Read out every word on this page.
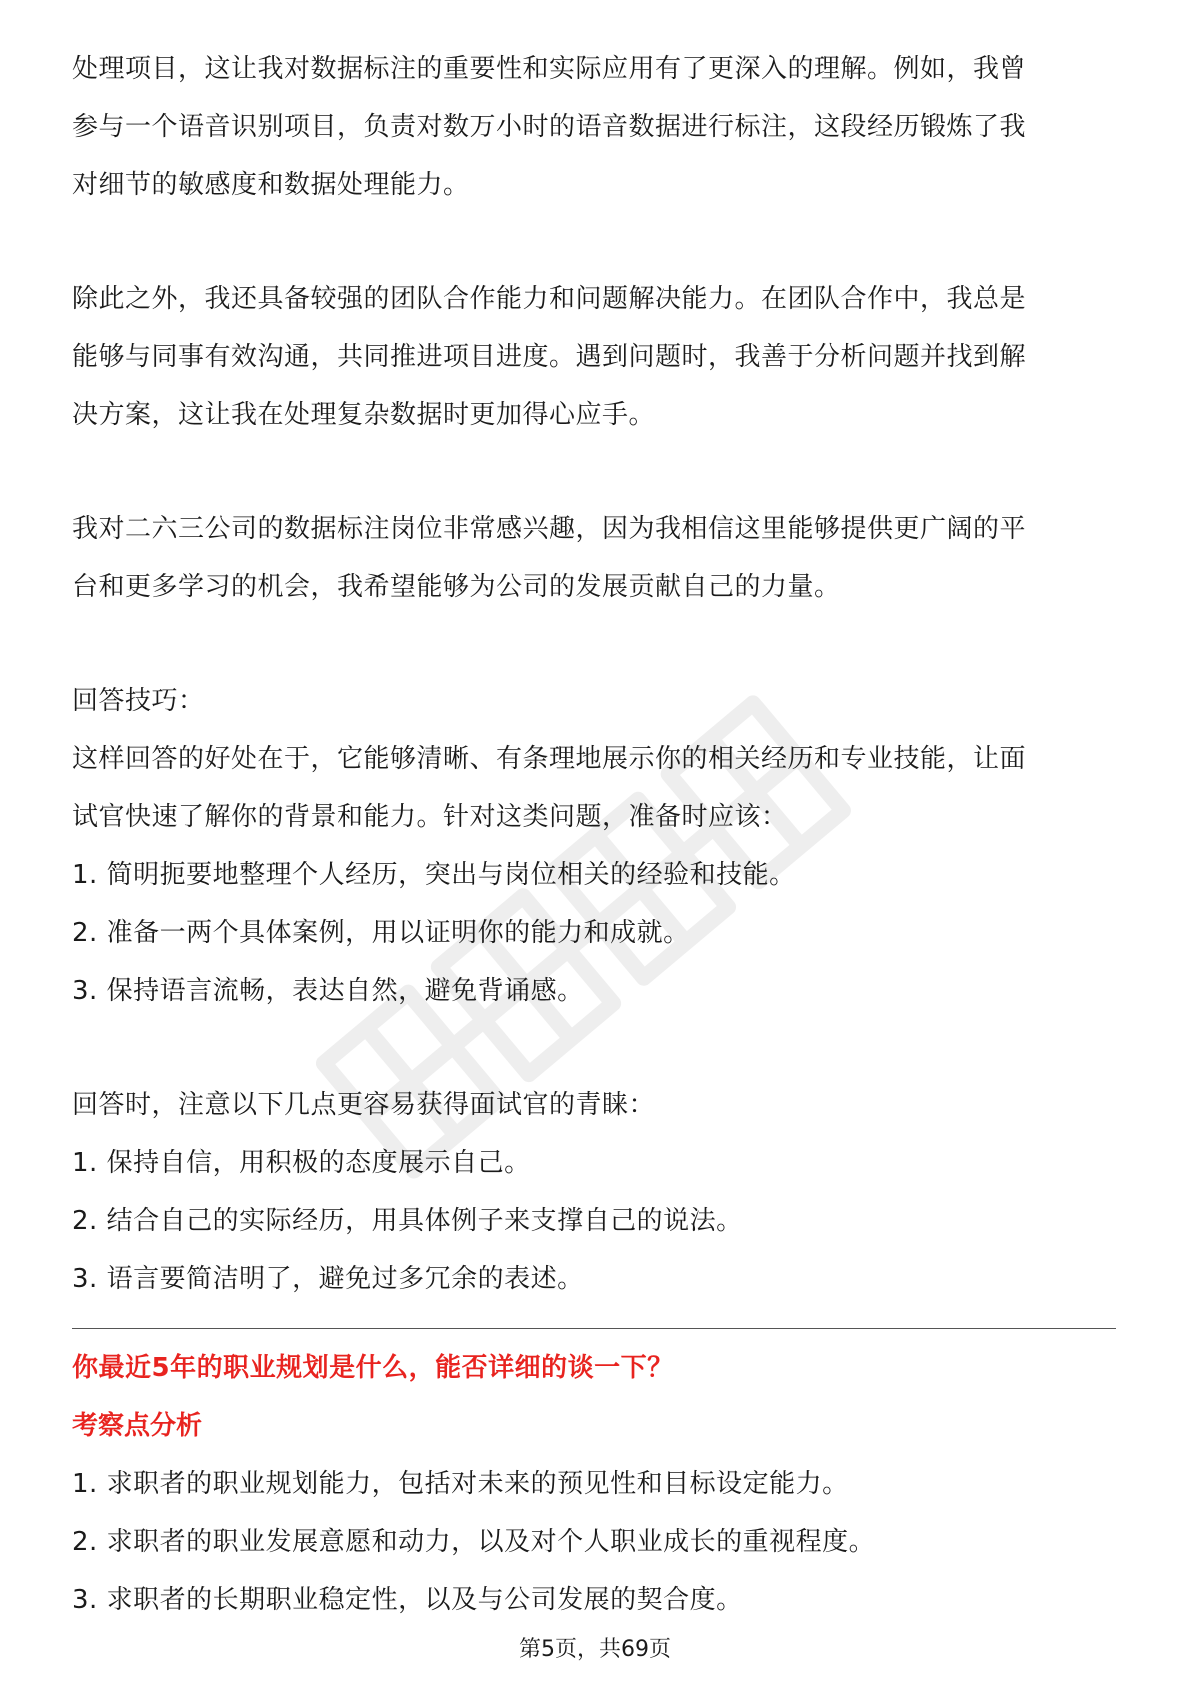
处理项目，这让我对数据标注的重要性和实际应用有了更深入的理解。例如，我曾

参与一个语音识别项目，负责对数万小时的语音数据进行标注，这段经历锻炼了我

对细节的敏感度和数据处理能力。

除此之外，我还具备较强的团队合作能力和问题解决能力。在团队合作中，我总是

能够与同事有效沟通，共同推进项目进度。遇到问题时，我善于分析问题并找到解

决方案，这让我在处理复杂数据时更加得心应手。

我对二六三公司的数据标注岗位非常感兴趣，因为我相信这里能够提供更广阔的平

台和更多学习的机会，我希望能够为公司的发展贡献自己的力量。

回答技巧：

这样回答的好处在于，它能够清晰、有条理地展示你的相关经历和专业技能，让面

试官快速了解你的背景和能力。针对这类问题，准备时应该：

1. 简明扼要地整理个人经历，突出与岗位相关的经验和技能。

2. 准备一两个具体案例，用以证明你的能力和成就。

3. 保持语言流畅，表达自然，避免背诵感。

回答时，注意以下几点更容易获得面试官的青睐：

1. 保持自信，用积极的态度展示自己。

2. 结合自己的实际经历，用具体例子来支撑自己的说法。

3. 语言要简洁明了，避免过多冗余的表述。

你最近5年的职业规划是什么，能否详细的谈一下？

考察点分析

1. 求职者的职业规划能力，包括对未来的预见性和目标设定能力。

2. 求职者的职业发展意愿和动力，以及对个人职业成长的重视程度。

3. 求职者的长期职业稳定性，以及与公司发展的契合度。

第5页，共69页
